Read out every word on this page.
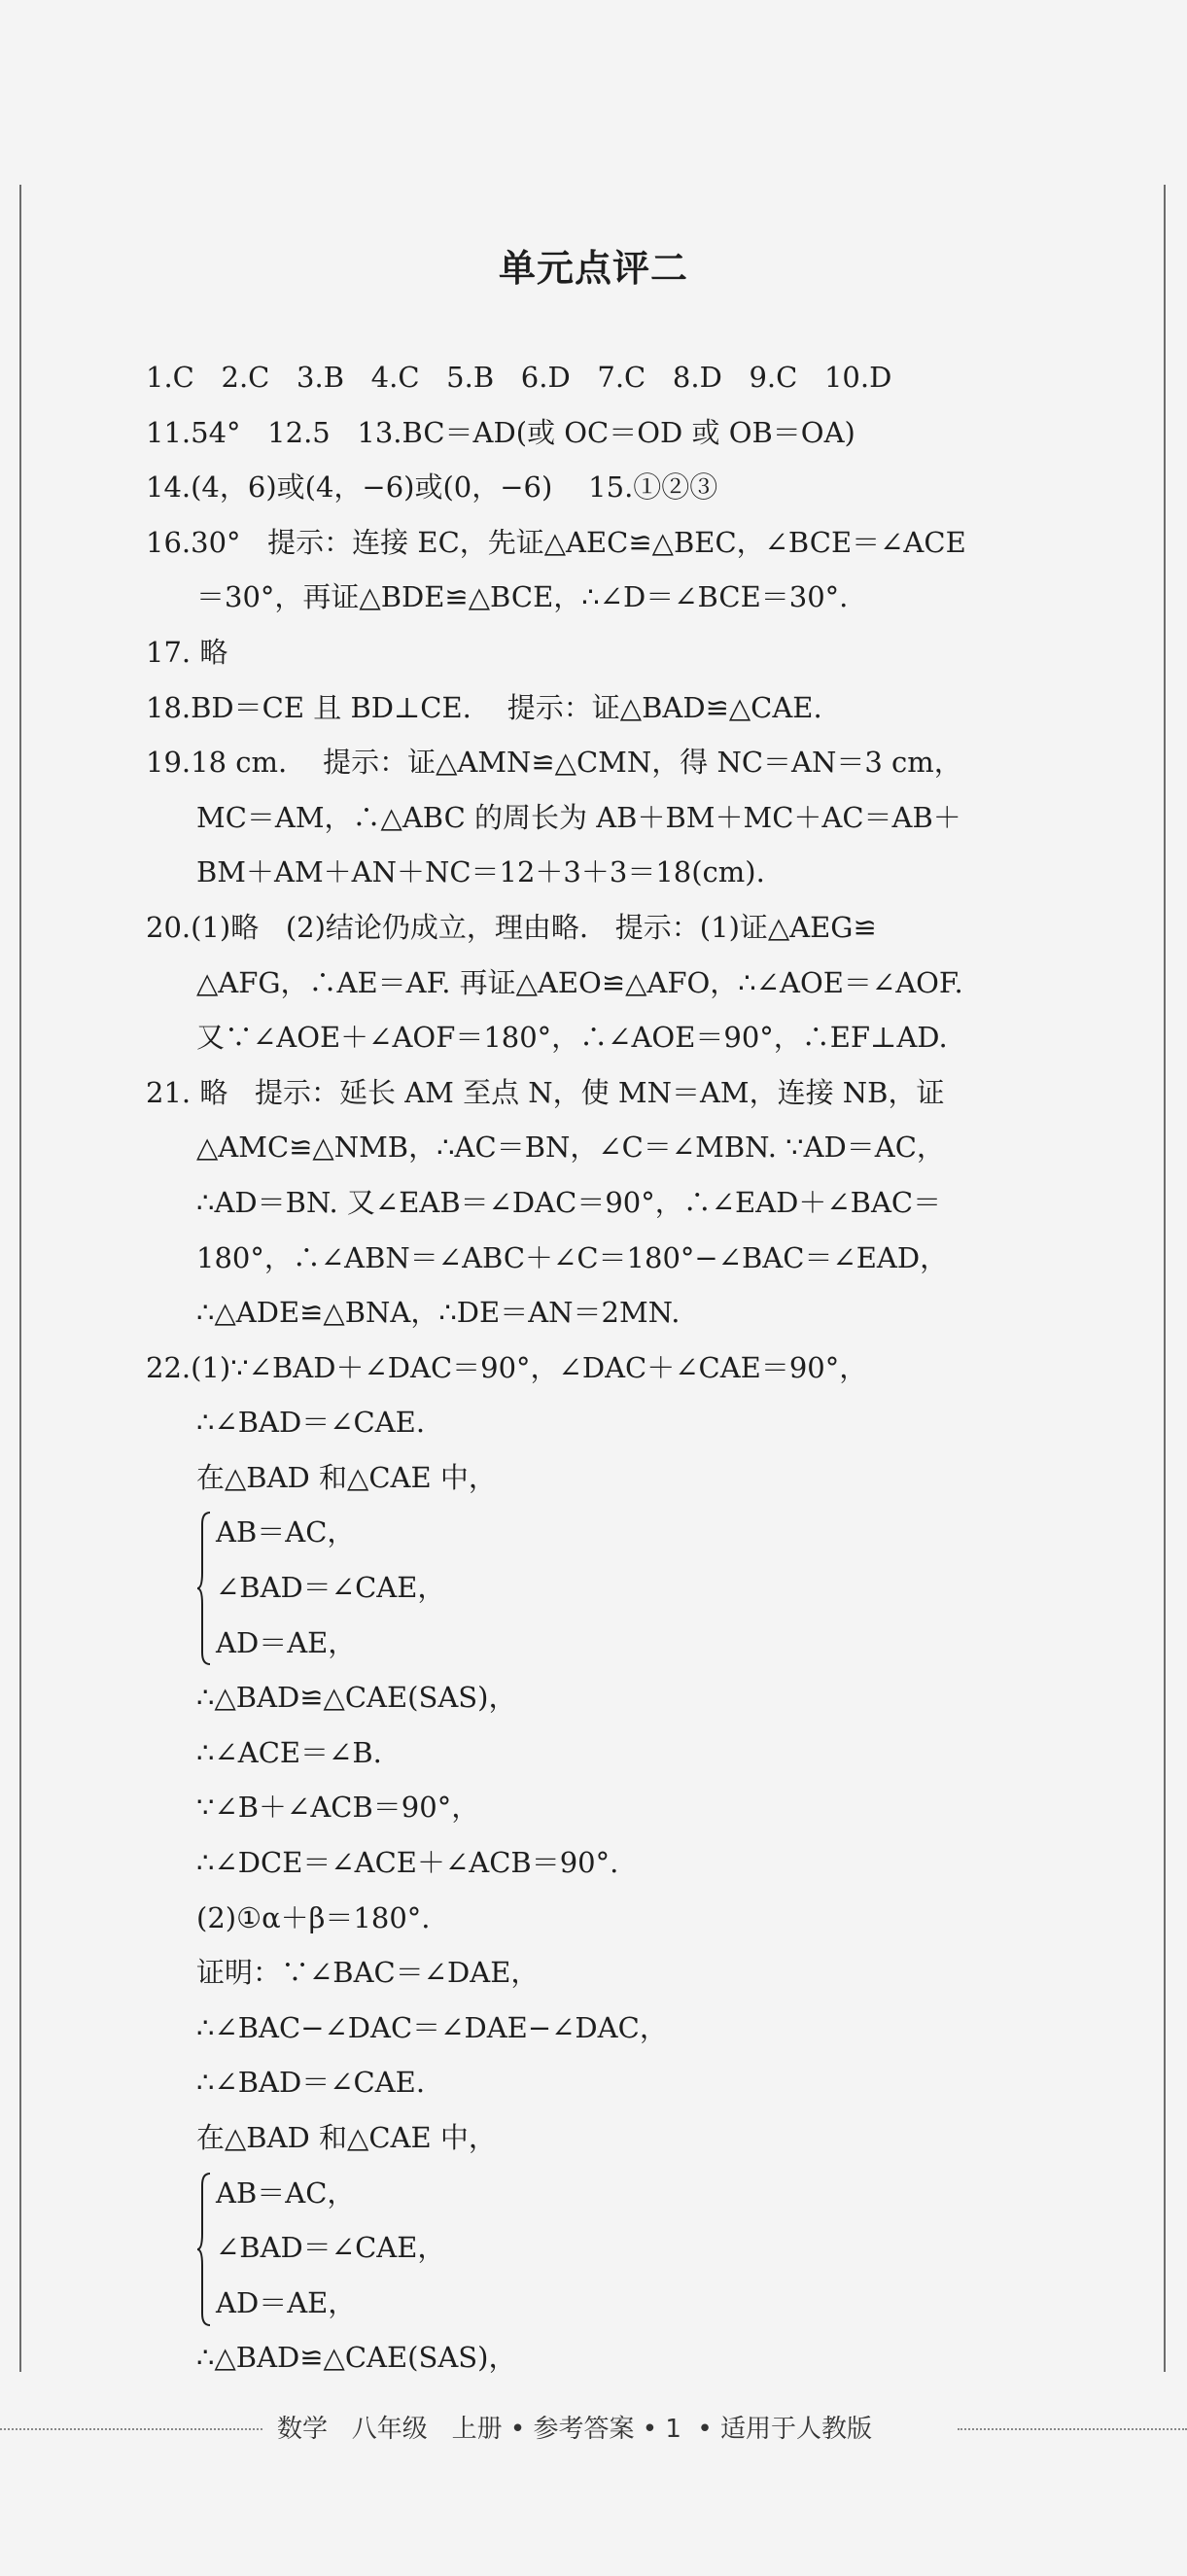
单元点评二
1.C   2.C   3.B   4.C   5.B   6.D   7.C   8.D   9.C   10.D
11.54°   12.5   13.BC＝AD(或 OC＝OD 或 OB＝OA)
14.(4，6)或(4，−6)或(0，−6)    15.①②③
16.30°   提示：连接 EC，先证△AEC≌△BEC，∠BCE＝∠ACE
＝30°，再证△BDE≌△BCE，∴∠D＝∠BCE＝30°.
17. 略
18.BD＝CE 且 BD⊥CE.    提示：证△BAD≌△CAE.
19.18 cm.    提示：证△AMN≌△CMN，得 NC＝AN＝3 cm，
MC＝AM，∴△ABC 的周长为 AB＋BM＋MC＋AC＝AB＋
BM＋AM＋AN＋NC＝12＋3＋3＝18(cm).
20.(1)略   (2)结论仍成立，理由略.   提示：(1)证△AEG≌
△AFG，∴AE＝AF. 再证△AEO≌△AFO，∴∠AOE＝∠AOF.
又∵∠AOE＋∠AOF＝180°，∴∠AOE＝90°，∴EF⊥AD.
21. 略   提示：延长 AM 至点 N，使 MN＝AM，连接 NB，证
△AMC≌△NMB，∴AC＝BN，∠C＝∠MBN. ∵AD＝AC，
∴AD＝BN. 又∠EAB＝∠DAC＝90°，∴∠EAD＋∠BAC＝
180°，∴∠ABN＝∠ABC＋∠C＝180°−∠BAC＝∠EAD，
∴△ADE≌△BNA，∴DE＝AN＝2MN.
22.(1)∵∠BAD＋∠DAC＝90°，∠DAC＋∠CAE＝90°，
∴∠BAD＝∠CAE.
在△BAD 和△CAE 中，
AB＝AC，
∠BAD＝∠CAE，
AD＝AE，
∴△BAD≌△CAE(SAS)，
∴∠ACE＝∠B.
∵∠B＋∠ACB＝90°，
∴∠DCE＝∠ACE＋∠ACB＝90°.
(2)①α＋β＝180°.
证明：∵∠BAC＝∠DAE，
∴∠BAC−∠DAC＝∠DAE−∠DAC，
∴∠BAD＝∠CAE.
在△BAD 和△CAE 中，
AB＝AC，
∠BAD＝∠CAE，
AD＝AE，
∴△BAD≌△CAE(SAS)，
数学   八年级   上册 • 参考答案 • 1  • 适用于人教版
